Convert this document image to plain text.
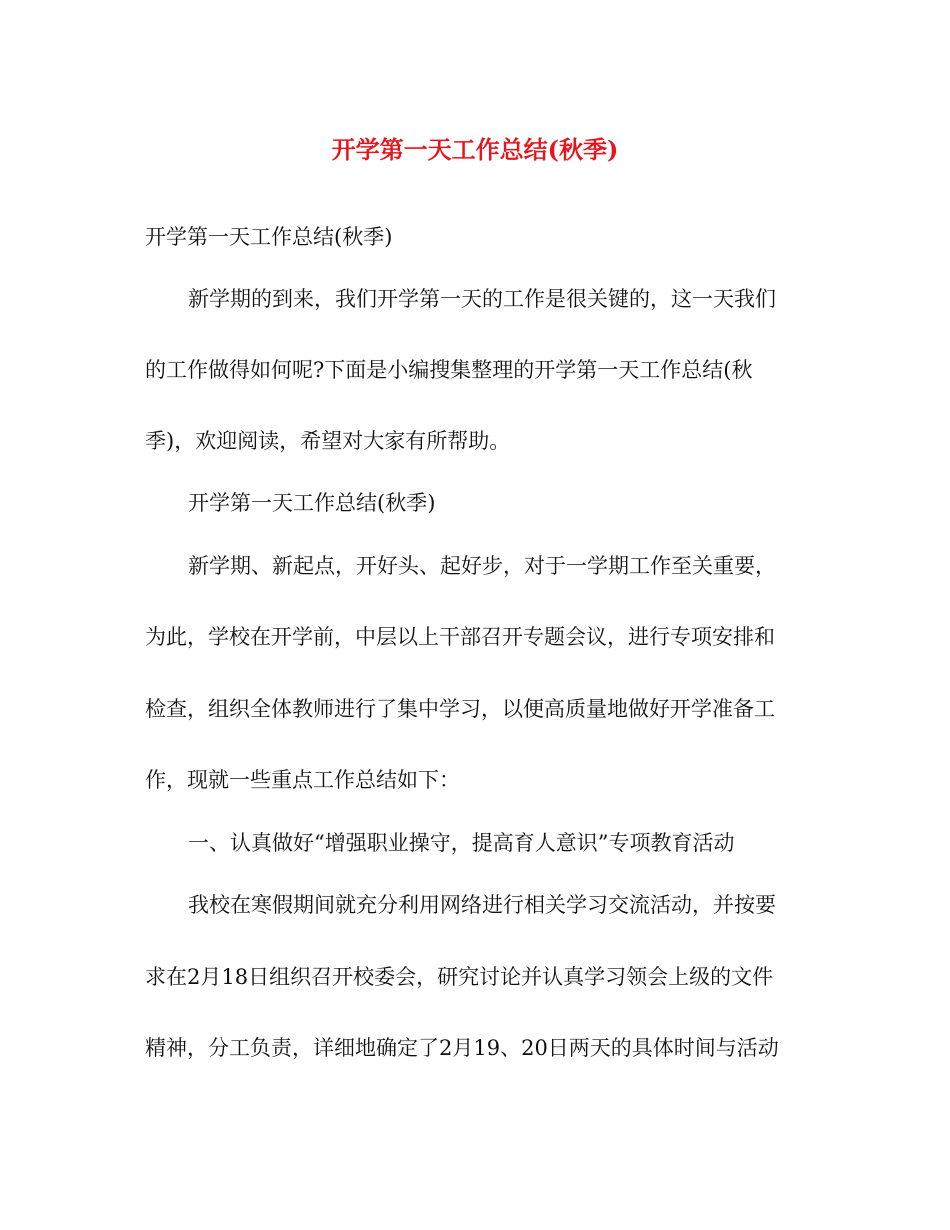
开学第一天工作总结(秋季)

开学第一天工作总结(秋季)

新学期的到来，我们开学第一天的工作是很关键的，这一天我们

的工作做得如何呢?下面是小编搜集整理的开学第一天工作总结(秋

季)，欢迎阅读，希望对大家有所帮助。

开学第一天工作总结(秋季)

新学期、新起点，开好头、起好步，对于一学期工作至关重要，

为此，学校在开学前，中层以上干部召开专题会议，进行专项安排和

检查，组织全体教师进行了集中学习，以便高质量地做好开学准备工

作，现就一些重点工作总结如下：

一、认真做好“增强职业操守，提高育人意识”专项教育活动

我校在寒假期间就充分利用网络进行相关学习交流活动，并按要

求在2月18日组织召开校委会，研究讨论并认真学习领会上级的文件

精神，分工负责，详细地确定了2月19、20日两天的具体时间与活动
